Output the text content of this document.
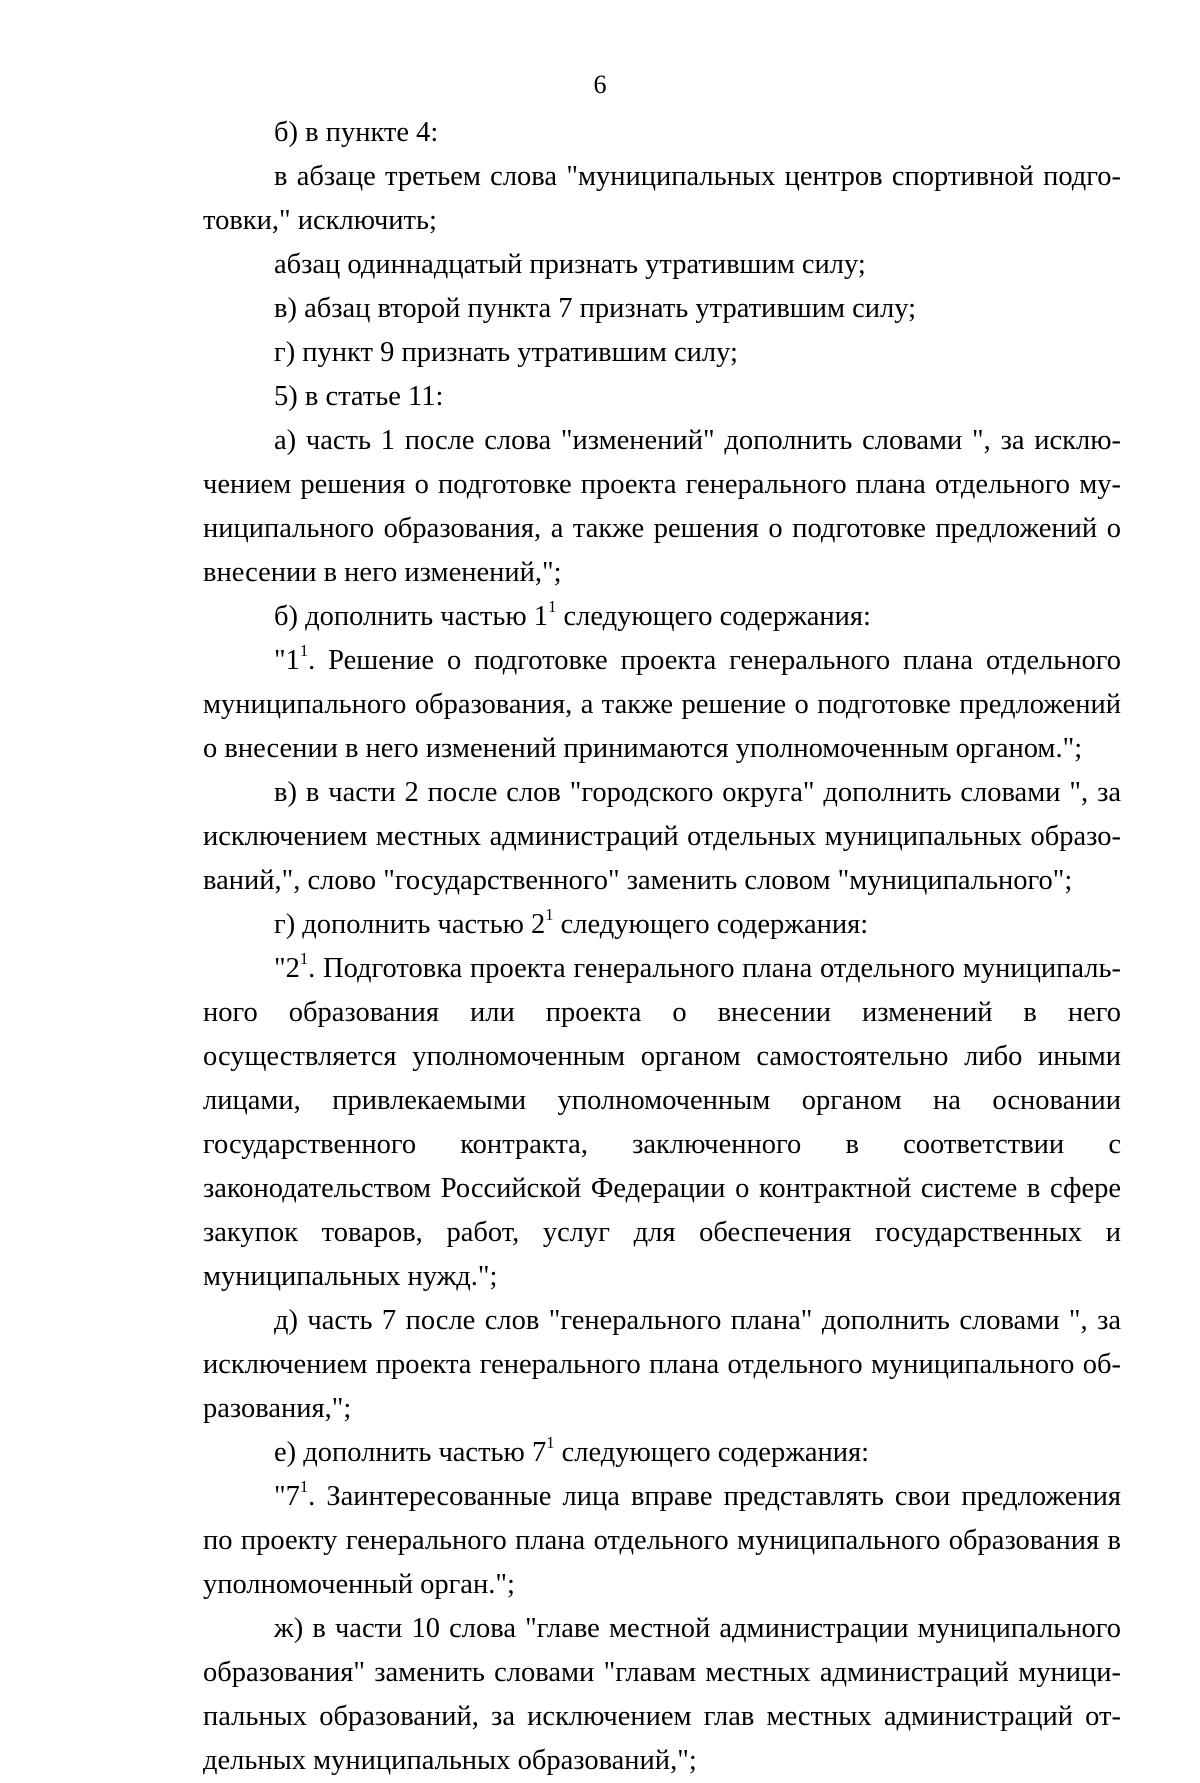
6

б) в пункте 4:

в абзаце третьем слова "муниципальных центров спортивной подготовки," исключить;

абзац одиннадцатый признать утратившим силу;

в) абзац второй пункта 7 признать утратившим силу;

г) пункт 9 признать утратившим силу;

5) в статье 11:

а) часть 1 после слова "изменений" дополнить словами ", за исключением решения о подготовке проекта генерального плана отдельного муниципального образования, а также решения о подготовке предложений о внесении в него изменений,";

б) дополнить частью $1^1$ следующего содержания:

"$1^1$. Решение о подготовке проекта генерального плана отдельного муниципального образования, а также решение о подготовке предложений о внесении в него изменений принимаются уполномоченным органом.";

в) в части 2 после слов "городского округа" дополнить словами ", за исключением местных администраций отдельных муниципальных образований,", слово "государственного" заменить словом "муниципального";

г) дополнить частью $2^1$ следующего содержания:

"$2^1$. Подготовка проекта генерального плана отдельного муниципального образования или проекта о внесении изменений в него осуществляется уполномоченным органом самостоятельно либо иными лицами, привлекаемыми уполномоченным органом на основании государственного контракта, заключенного в соответствии с законодательством Российской Федерации о контрактной системе в сфере закупок товаров, работ, услуг для обеспечения государственных и муниципальных нужд.";

д) часть 7 после слов "генерального плана" дополнить словами ", за исключением проекта генерального плана отдельного муниципального образования,";

е) дополнить частью $7^1$ следующего содержания:

"$7^1$. Заинтересованные лица вправе представлять свои предложения по проекту генерального плана отдельного муниципального образования в уполномоченный орган.";

ж) в части 10 слова "главе местной администрации муниципального образования" заменить словами "главам местных администраций муниципальных образований, за исключением глав местных администраций отдельных муниципальных образований,";
